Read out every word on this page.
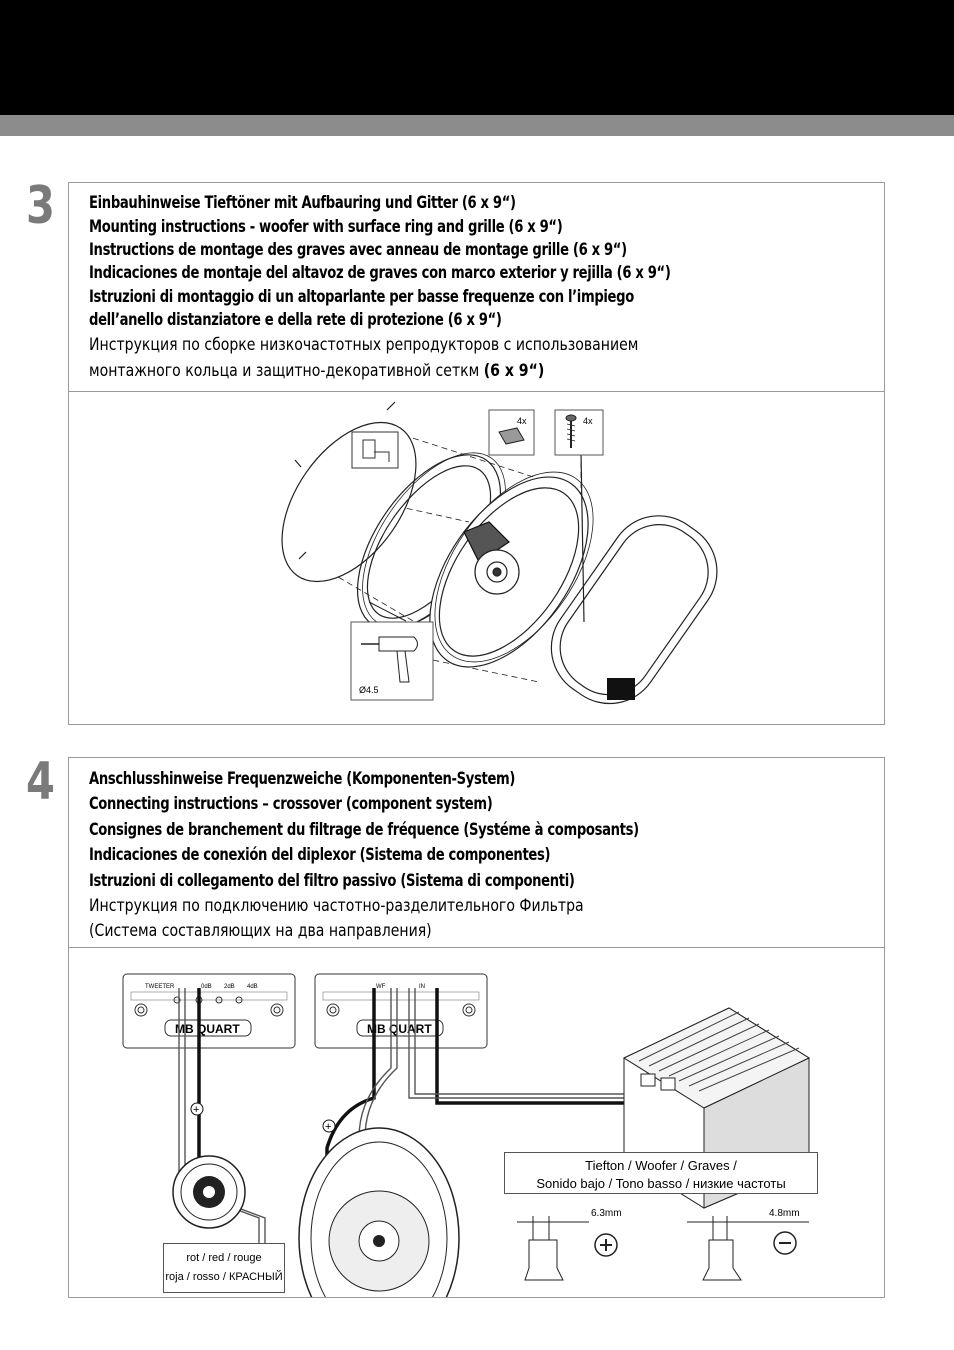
3 Einbauhinweise Tieftöner mit Aufbauring und Gitter (6 x 9“)
Mounting instructions - woofer with surface ring and grille (6 x 9“)
Instructions de montage des graves avec anneau de montage grille (6 x 9“)
Indicaciones de montaje del altavoz de graves con marco exterior y rejilla (6 x 9“)
Istruzioni di montaggio di un altoparlante per basse frequenze con l’impiego
dell’anello distanziatore e della rete di protezione (6 x 9“)
Инструкция по сборке низкочастотных репродукторов с использованием
монтажного кольца и защитно-декоративной сеткм (6 x 9“)
4x	4x
Ø4.5
4 Anschlusshinweise Frequenzweiche (Komponenten-System)
Connecting instructions – crossover (component system)
Consignes de branchement du filtrage de fréquence (Systéme à composants)
Indicaciones de conexión del diplexor (Sistema de componentes)
Istruzioni di collegamento del filtro passivo (Sistema di componenti)
Инструкция по подключению частотно-разделительного Фильтра
(Система составляющих на два направления)
TWEETER	0dB 2dB 4dB
MB QUART
WF	IN
MB QUART
+
+
6.3mm	4.8mm
Tiefton / Woofer / Graves /
Sonido bajo / Tono basso / низкие частоты
rot / red / rouge
roja / rosso / КРАСНЫЙ
